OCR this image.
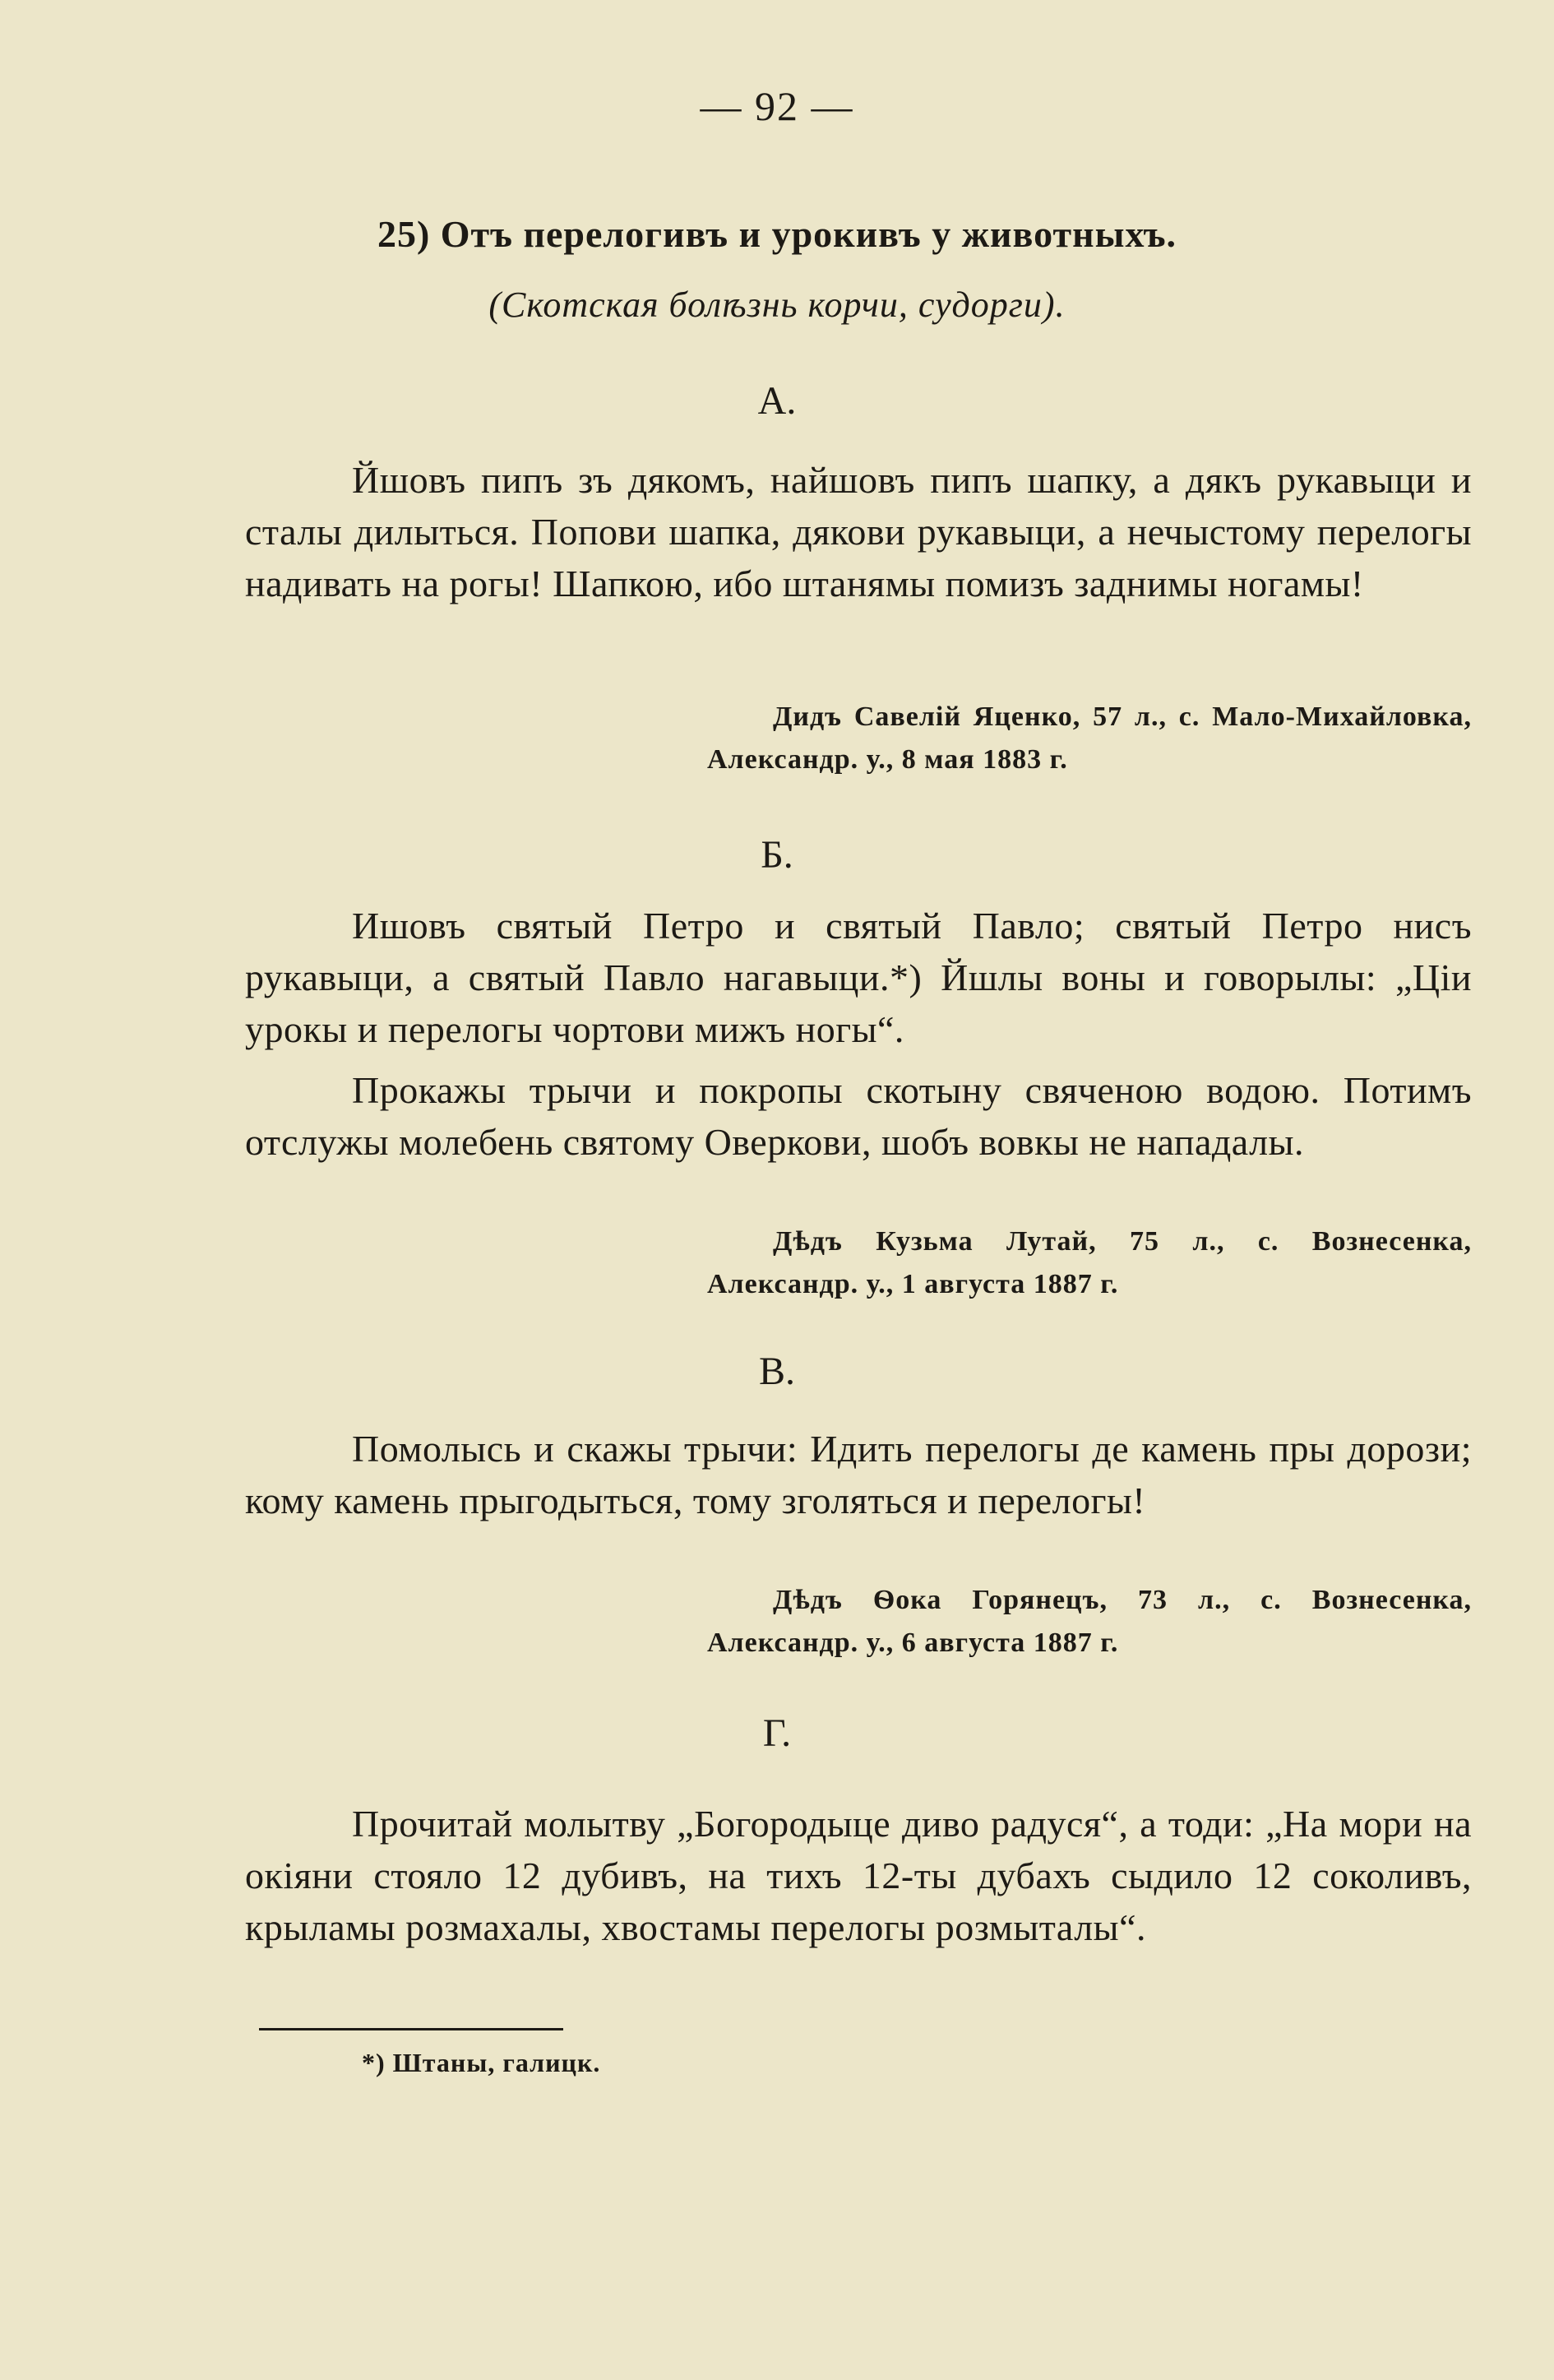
— 92 —
25) Отъ перелогивъ и урокивъ у животныхъ.
(Скотская болѣзнь корчи, судорги).
А.

Йшовъ пипъ зъ дякомъ, найшовъ пипъ шапку, а дякъ рукавыци и сталы дилыться. Попови шапка, дякови рукавыци, а нечыстому перелогы надивать на рогы! Шапкою, ибо штанямы помизъ заднимы ногамы!

Дидъ Савелій Яценко, 57 л., с. Мало-Михайловка, Александр. у., 8 мая 1883 г.
Б.

Ишовъ святый Петро и святый Павло; святый Петро нисъ рукавыци, а святый Павло нагавыци.*) Йшлы воны и говорылы: „Ціи урокы и перелогы чортови мижъ ногы“.

Прокажы трычи и покропы скотыну свяченою водою. Потимъ отслужы молебень святому Оверкови, шобъ вовкы не нападалы.

Дѣдъ Кузьма Лутай, 75 л., с. Вознесенка, Александр. у., 1 августа 1887 г.
В.

Помолысь и скажы трычи: Идить перелогы де камень пры дорози; кому камень прыгодыться, тому зголяться и перелогы!

Дѣдъ Ѳока Горянецъ, 73 л., с. Вознесенка, Александр. у., 6 августа 1887 г.
Г.

Прочитай молытву „Богородыце диво радуся“, а тоди: „На мори на окіяни стояло 12 дубивъ, на тихъ 12-ты дубахъ сыдило 12 соколивъ, крыламы розмахалы, хвостамы перелогы розмыталы“.

*) Штаны, галицк.
